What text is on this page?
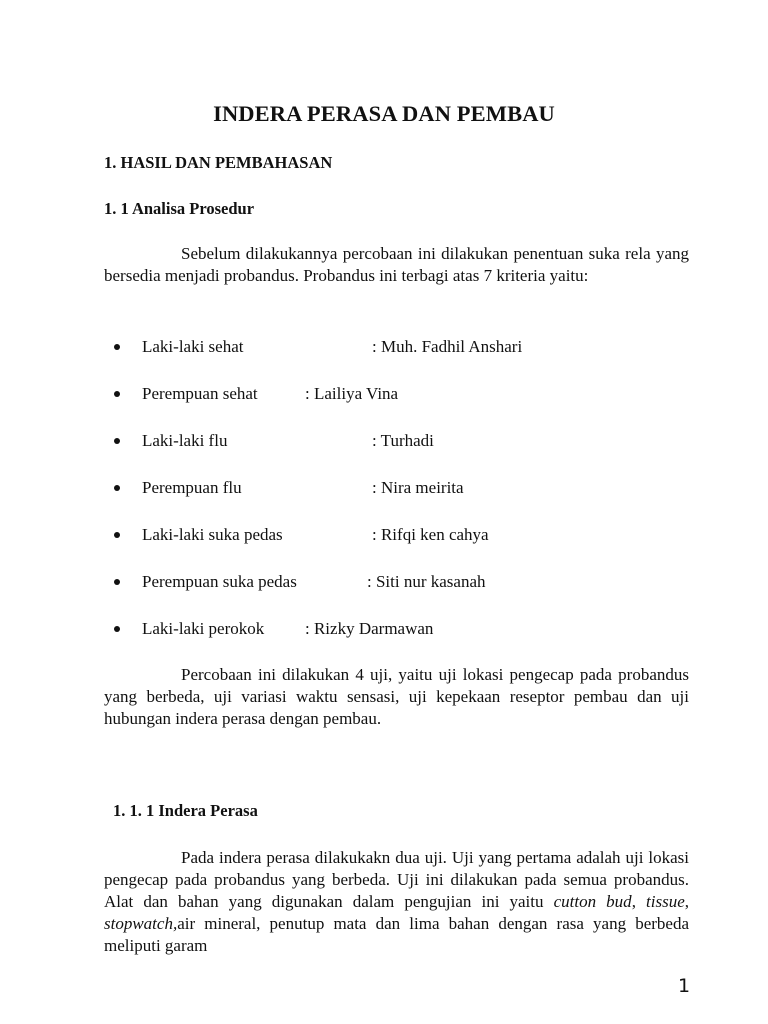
INDERA PERASA DAN PEMBAU
1. HASIL DAN PEMBAHASAN
1. 1 Analisa Prosedur
Sebelum dilakukannya percobaan ini dilakukan penentuan suka rela yang bersedia menjadi probandus. Probandus ini terbagi atas 7 kriteria yaitu:
Laki-laki sehat	: Muh. Fadhil Anshari
Perempuan sehat	: Lailiya Vina
Laki-laki flu	: Turhadi
Perempuan flu	: Nira meirita
Laki-laki suka pedas	: Rifqi ken cahya
Perempuan suka pedas	: Siti nur kasanah
Laki-laki perokok : Rizky Darmawan
Percobaan ini dilakukan 4 uji, yaitu uji lokasi pengecap pada probandus yang berbeda, uji variasi waktu sensasi, uji kepekaan reseptor pembau dan uji hubungan indera perasa dengan pembau.
1. 1. 1 Indera Perasa
Pada indera perasa dilakukakn dua uji. Uji yang pertama adalah uji lokasi pengecap pada probandus yang berbeda. Uji ini dilakukan pada semua probandus. Alat dan bahan yang digunakan dalam pengujian ini yaitu cutton bud, tissue, stopwatch,air mineral, penutup mata dan lima bahan dengan rasa yang berbeda meliputi garam
1
